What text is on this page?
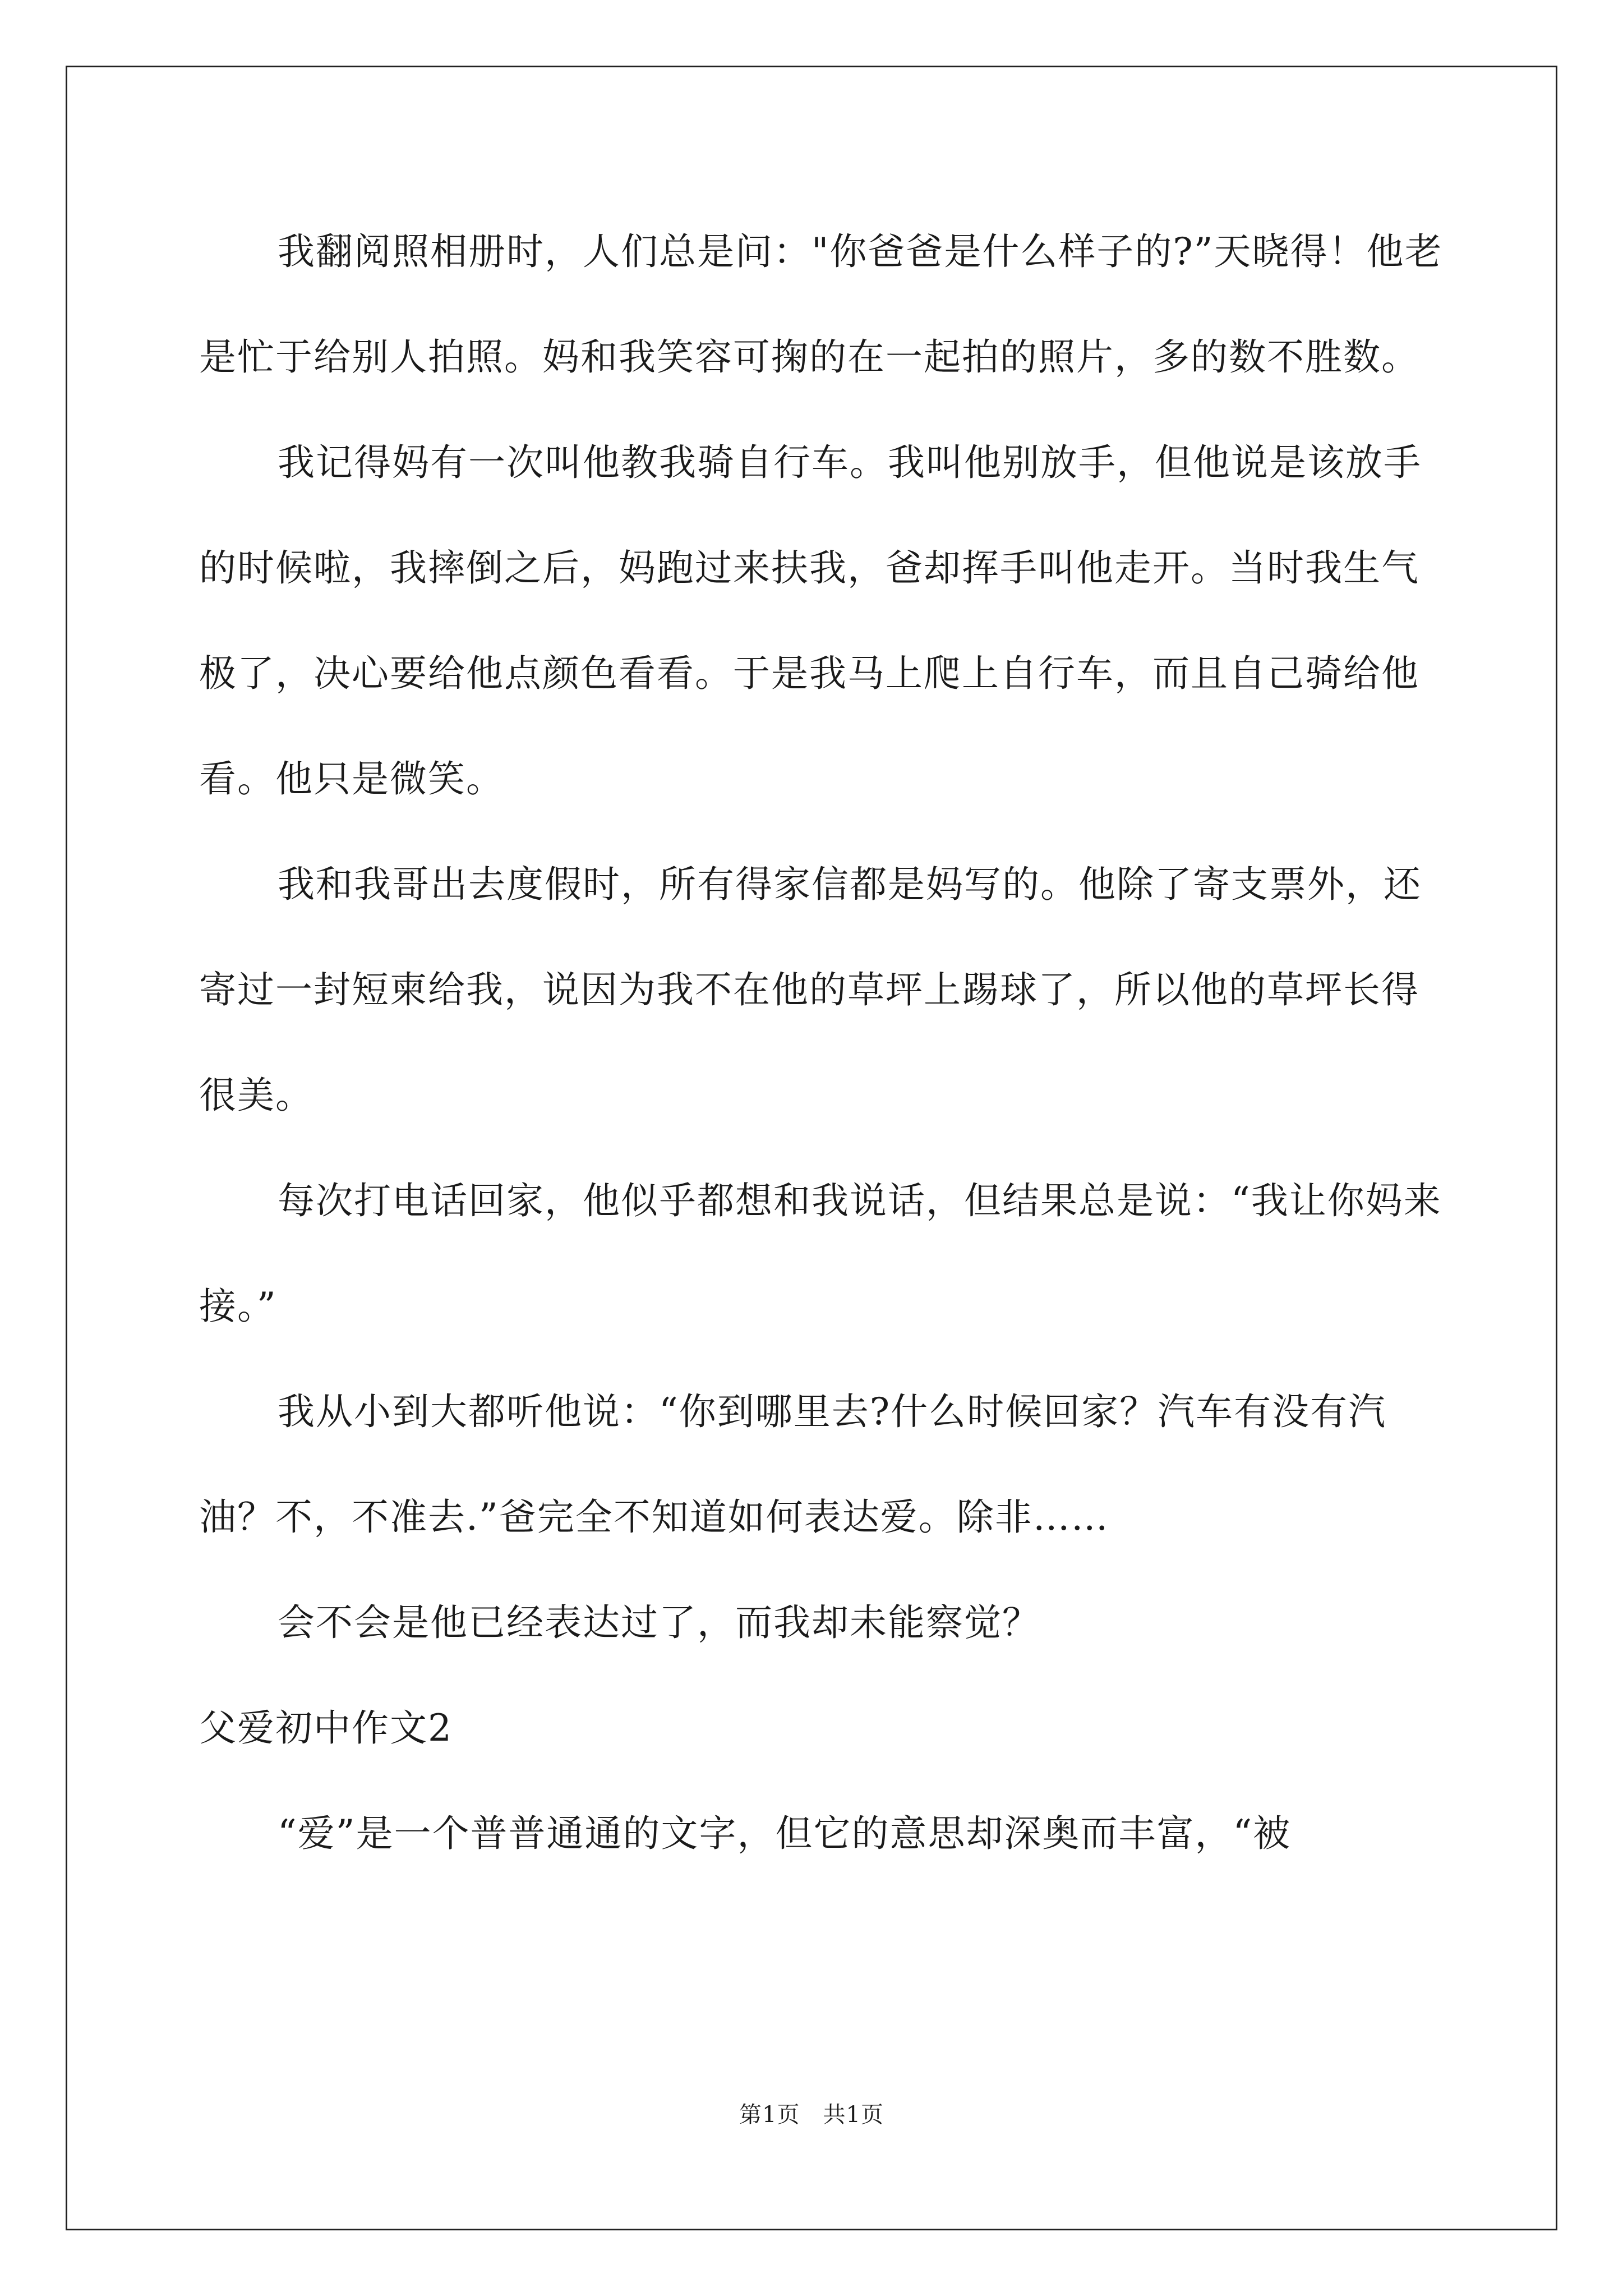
我翻阅照相册时，人们总是问："你爸爸是什么样子的?”天晓得！他老是忙于给别人拍照。妈和我笑容可掬的在一起拍的照片，多的数不胜数。

我记得妈有一次叫他教我骑自行车。我叫他别放手，但他说是该放手的时候啦，我摔倒之后，妈跑过来扶我，爸却挥手叫他走开。当时我生气极了，决心要给他点颜色看看。于是我马上爬上自行车，而且自己骑给他看。他只是微笑。

我和我哥出去度假时，所有得家信都是妈写的。他除了寄支票外，还寄过一封短柬给我，说因为我不在他的草坪上踢球了，所以他的草坪长得很美。

每次打电话回家，他似乎都想和我说话，但结果总是说：“我让你妈来接。”

我从小到大都听他说：“你到哪里去?什么时候回家？汽车有没有汽油？不，不准去.”爸完全不知道如何表达爱。除非……

会不会是他已经表达过了，而我却未能察觉？

父爱初中作文2

“爱”是一个普普通通的文字，但它的意思却深奥而丰富，“被

第1页　共1页
